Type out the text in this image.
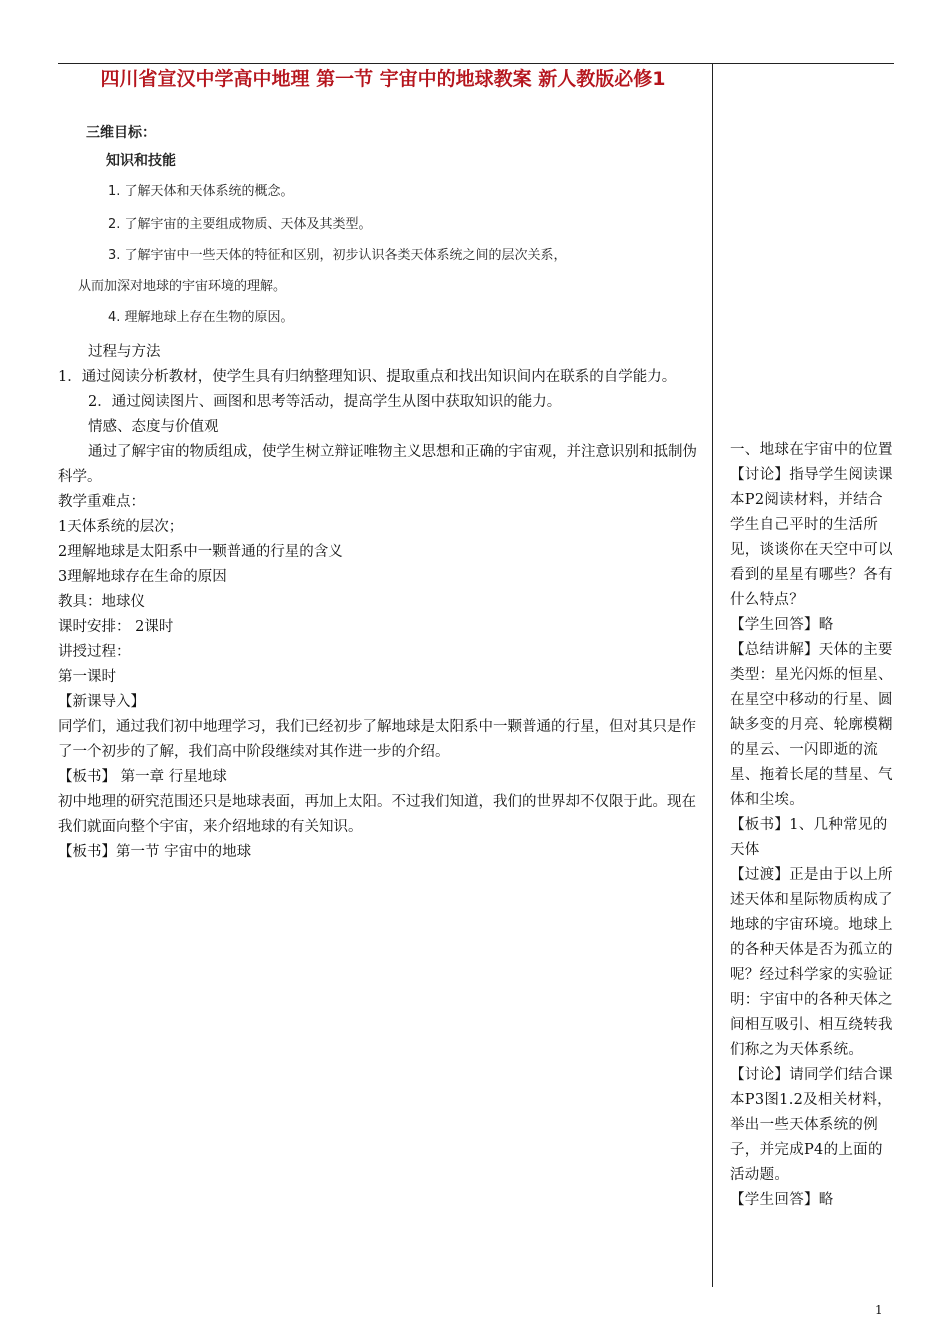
四川省宣汉中学高中地理 第一节 宇宙中的地球教案 新人教版必修1
三维目标：
知识和技能
1. 了解天体和天体系统的概念。
2. 了解宇宙的主要组成物质、天体及其类型。
3. 了解宇宙中一些天体的特征和区别，初步认识各类天体系统之间的层次关系，
从而加深对地球的宇宙环境的理解。
4. 理解地球上存在生物的原因。

过程与方法

1．通过阅读分析教材，使学生具有归纳整理知识、提取重点和找出知识间内在联系的自学能力。

2．通过阅读图片、画图和思考等活动，提高学生从图中获取知识的能力。

情感、态度与价值观

通过了解宇宙的物质组成，使学生树立辩证唯物主义思想和正确的宇宙观，并注意识别和抵制伪科学。

教学重难点：

1天体系统的层次；

2理解地球是太阳系中一颗普通的行星的含义

3理解地球存在生命的原因

教具：地球仪

课时安排： 2课时

讲授过程：

第一课时

【新课导入】

同学们，通过我们初中地理学习，我们已经初步了解地球是太阳系中一颗普通的行星，但对其只是作了一个初步的了解，我们高中阶段继续对其作进一步的介绍。

【板书】 第一章 行星地球

初中地理的研究范围还只是地球表面，再加上太阳。不过我们知道，我们的世界却不仅限于此。现在我们就面向整个宇宙，来介绍地球的有关知识。

【板书】第一节 宇宙中的地球

一、地球在宇宙中的位置

【讨论】指导学生阅读课本P2阅读材料，并结合学生自己平时的生活所见，谈谈你在天空中可以看到的星星有哪些？各有什么特点？

【学生回答】略

【总结讲解】天体的主要类型：星光闪烁的恒星、在星空中移动的行星、圆缺多变的月亮、轮廓模糊的星云、一闪即逝的流星、拖着长尾的彗星、气体和尘埃。

【板书】1、几种常见的天体

【过渡】正是由于以上所述天体和星际物质构成了地球的宇宙环境。地球上的各种天体是否为孤立的呢？经过科学家的实验证明：宇宙中的各种天体之间相互吸引、相互绕转我们称之为天体系统。

【讨论】请同学们结合课本P3图1.2及相关材料，举出一些天体系统的例子，并完成P4的上面的活动题。

【学生回答】略

1
